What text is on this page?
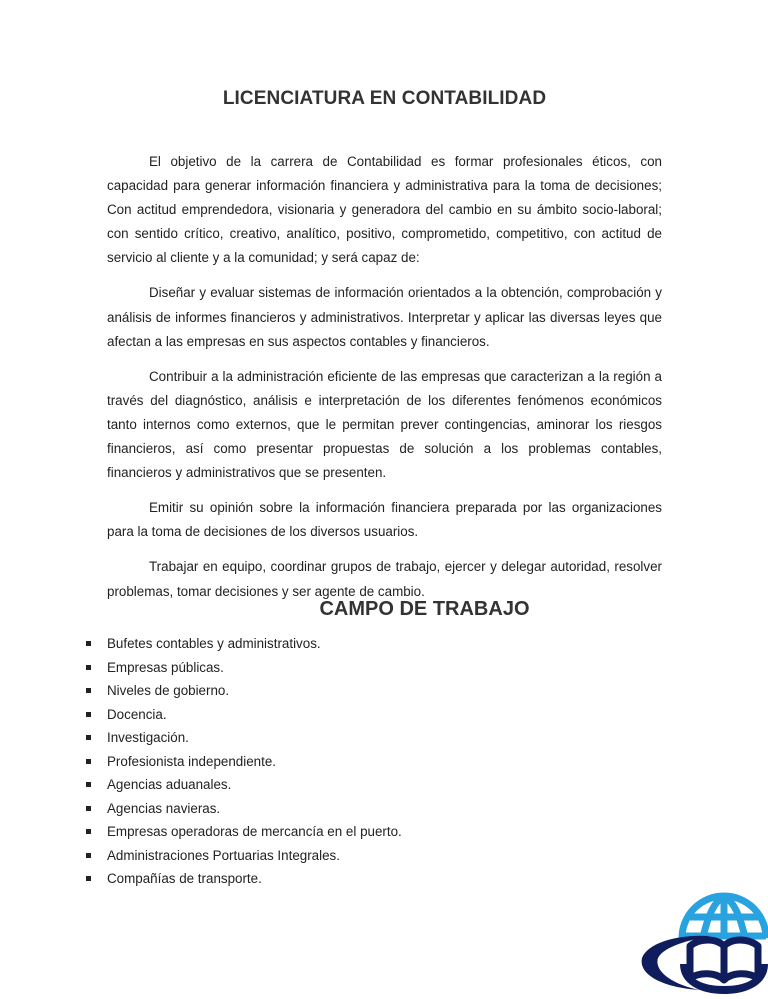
LICENCIATURA EN CONTABILIDAD

El objetivo de la carrera de Contabilidad es formar profesionales éticos, con capacidad para generar información financiera y administrativa para la toma de decisiones; Con actitud emprendedora, visionaria y generadora del cambio en su ámbito socio-laboral; con sentido crítico, creativo, analítico, positivo, comprometido, competitivo, con actitud de servicio al cliente y a la comunidad; y será capaz de:

Diseñar y evaluar sistemas de información orientados a la obtención, comprobación y análisis de informes financieros y administrativos. Interpretar y aplicar las diversas leyes que afectan a las empresas en sus aspectos contables y financieros.

Contribuir a la administración eficiente de las empresas que caracterizan a la región a través del diagnóstico, análisis e interpretación de los diferentes fenómenos económicos tanto internos como externos, que le permitan prever contingencias, aminorar los riesgos financieros, así como presentar propuestas de solución a los problemas contables, financieros y administrativos que se presenten.

Emitir su opinión sobre la información financiera preparada por las organizaciones para la toma de decisiones de los diversos usuarios.

Trabajar en equipo, coordinar grupos de trabajo, ejercer y delegar autoridad, resolver problemas, tomar decisiones y ser agente de cambio.

CAMPO DE TRABAJO
Bufetes contables y administrativos.
Empresas públicas.
Niveles de gobierno.
Docencia.
Investigación.
Profesionista independiente.
Agencias aduanales.
Agencias navieras.
Empresas operadoras de mercancía en el puerto.
Administraciones Portuarias Integrales.
Compañías de transporte.
